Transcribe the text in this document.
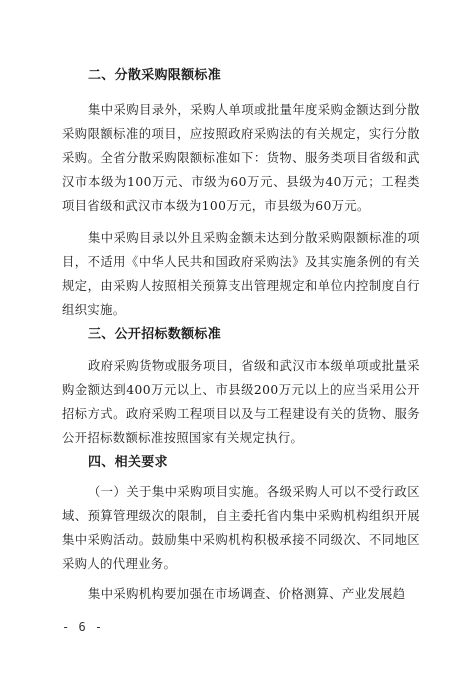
二、分散采购限额标准

集中采购目录外，采购人单项或批量年度采购金额达到分散采购限额标准的项目，应按照政府采购法的有关规定，实行分散采购。全省分散采购限额标准如下：货物、服务类项目省级和武汉市本级为100万元、市级为60万元、县级为40万元；工程类项目省级和武汉市本级为100万元，市县级为60万元。

集中采购目录以外且采购金额未达到分散采购限额标准的项目，不适用《中华人民共和国政府采购法》及其实施条例的有关规定，由采购人按照相关预算支出管理规定和单位内控制度自行组织实施。

三、公开招标数额标准

政府采购货物或服务项目，省级和武汉市本级单项或批量采购金额达到400万元以上、市县级200万元以上的应当采用公开招标方式。政府采购工程项目以及与工程建设有关的货物、服务公开招标数额标准按照国家有关规定执行。

四、相关要求

（一）关于集中采购项目实施。各级采购人可以不受行政区域、预算管理级次的限制，自主委托省内集中采购机构组织开展集中采购活动。鼓励集中采购机构积极承接不同级次、不同地区采购人的代理业务。

集中采购机构要加强在市场调查、价格测算、产业发展趋

- 6 -
